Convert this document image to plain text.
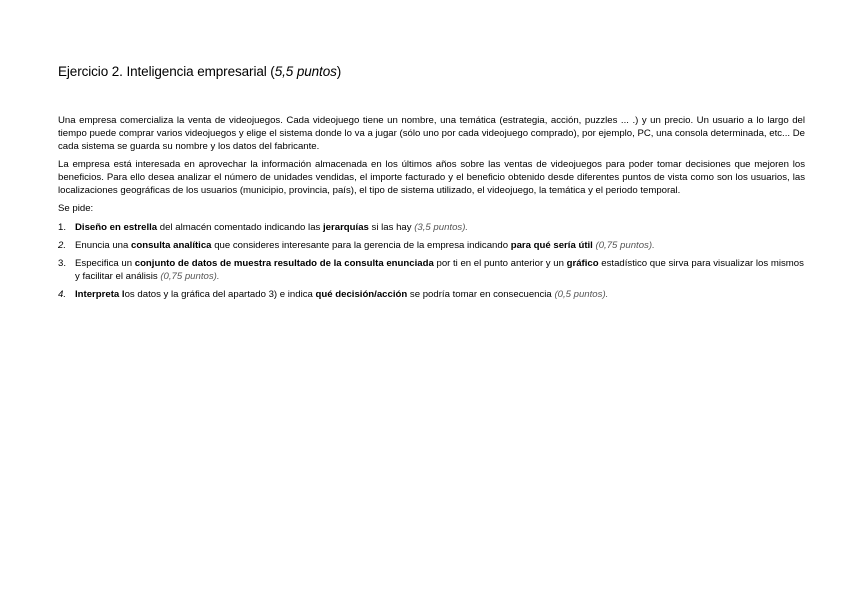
Ejercicio 2. Inteligencia empresarial (5,5 puntos)

Una empresa comercializa la venta de videojuegos. Cada videojuego tiene un nombre, una temática (estrategia, acción, puzzles ... .) y un precio. Un usuario a lo largo del tiempo puede comprar varios videojuegos y elige el sistema donde lo va a jugar (sólo uno por cada videojuego comprado), por ejemplo, PC, una consola determinada, etc... De cada sistema se guarda su nombre y los datos del fabricante.

La empresa está interesada en aprovechar la información almacenada en los últimos años sobre las ventas de videojuegos para poder tomar decisiones que mejoren los beneficios. Para ello desea analizar el número de unidades vendidas, el importe facturado y el beneficio obtenido desde diferentes puntos de vista como son los usuarios, las localizaciones geográficas de los usuarios (municipio, provincia, país), el tipo de sistema utilizado, el videojuego, la temática y el periodo temporal.

Se pide:

1. Diseño en estrella del almacén comentado indicando las jerarquías si las hay (3,5 puntos).
2. Enuncia una consulta analítica que consideres interesante para la gerencia de la empresa indicando para qué sería útil (0,75 puntos).
3. Especifica un conjunto de datos de muestra resultado de la consulta enunciada por ti en el punto anterior y un gráfico estadístico que sirva para visualizar los mismos y facilitar el análisis (0,75 puntos).
4. Interpreta los datos y la gráfica del apartado 3) e indica qué decisión/acción se podría tomar en consecuencia (0,5 puntos).
